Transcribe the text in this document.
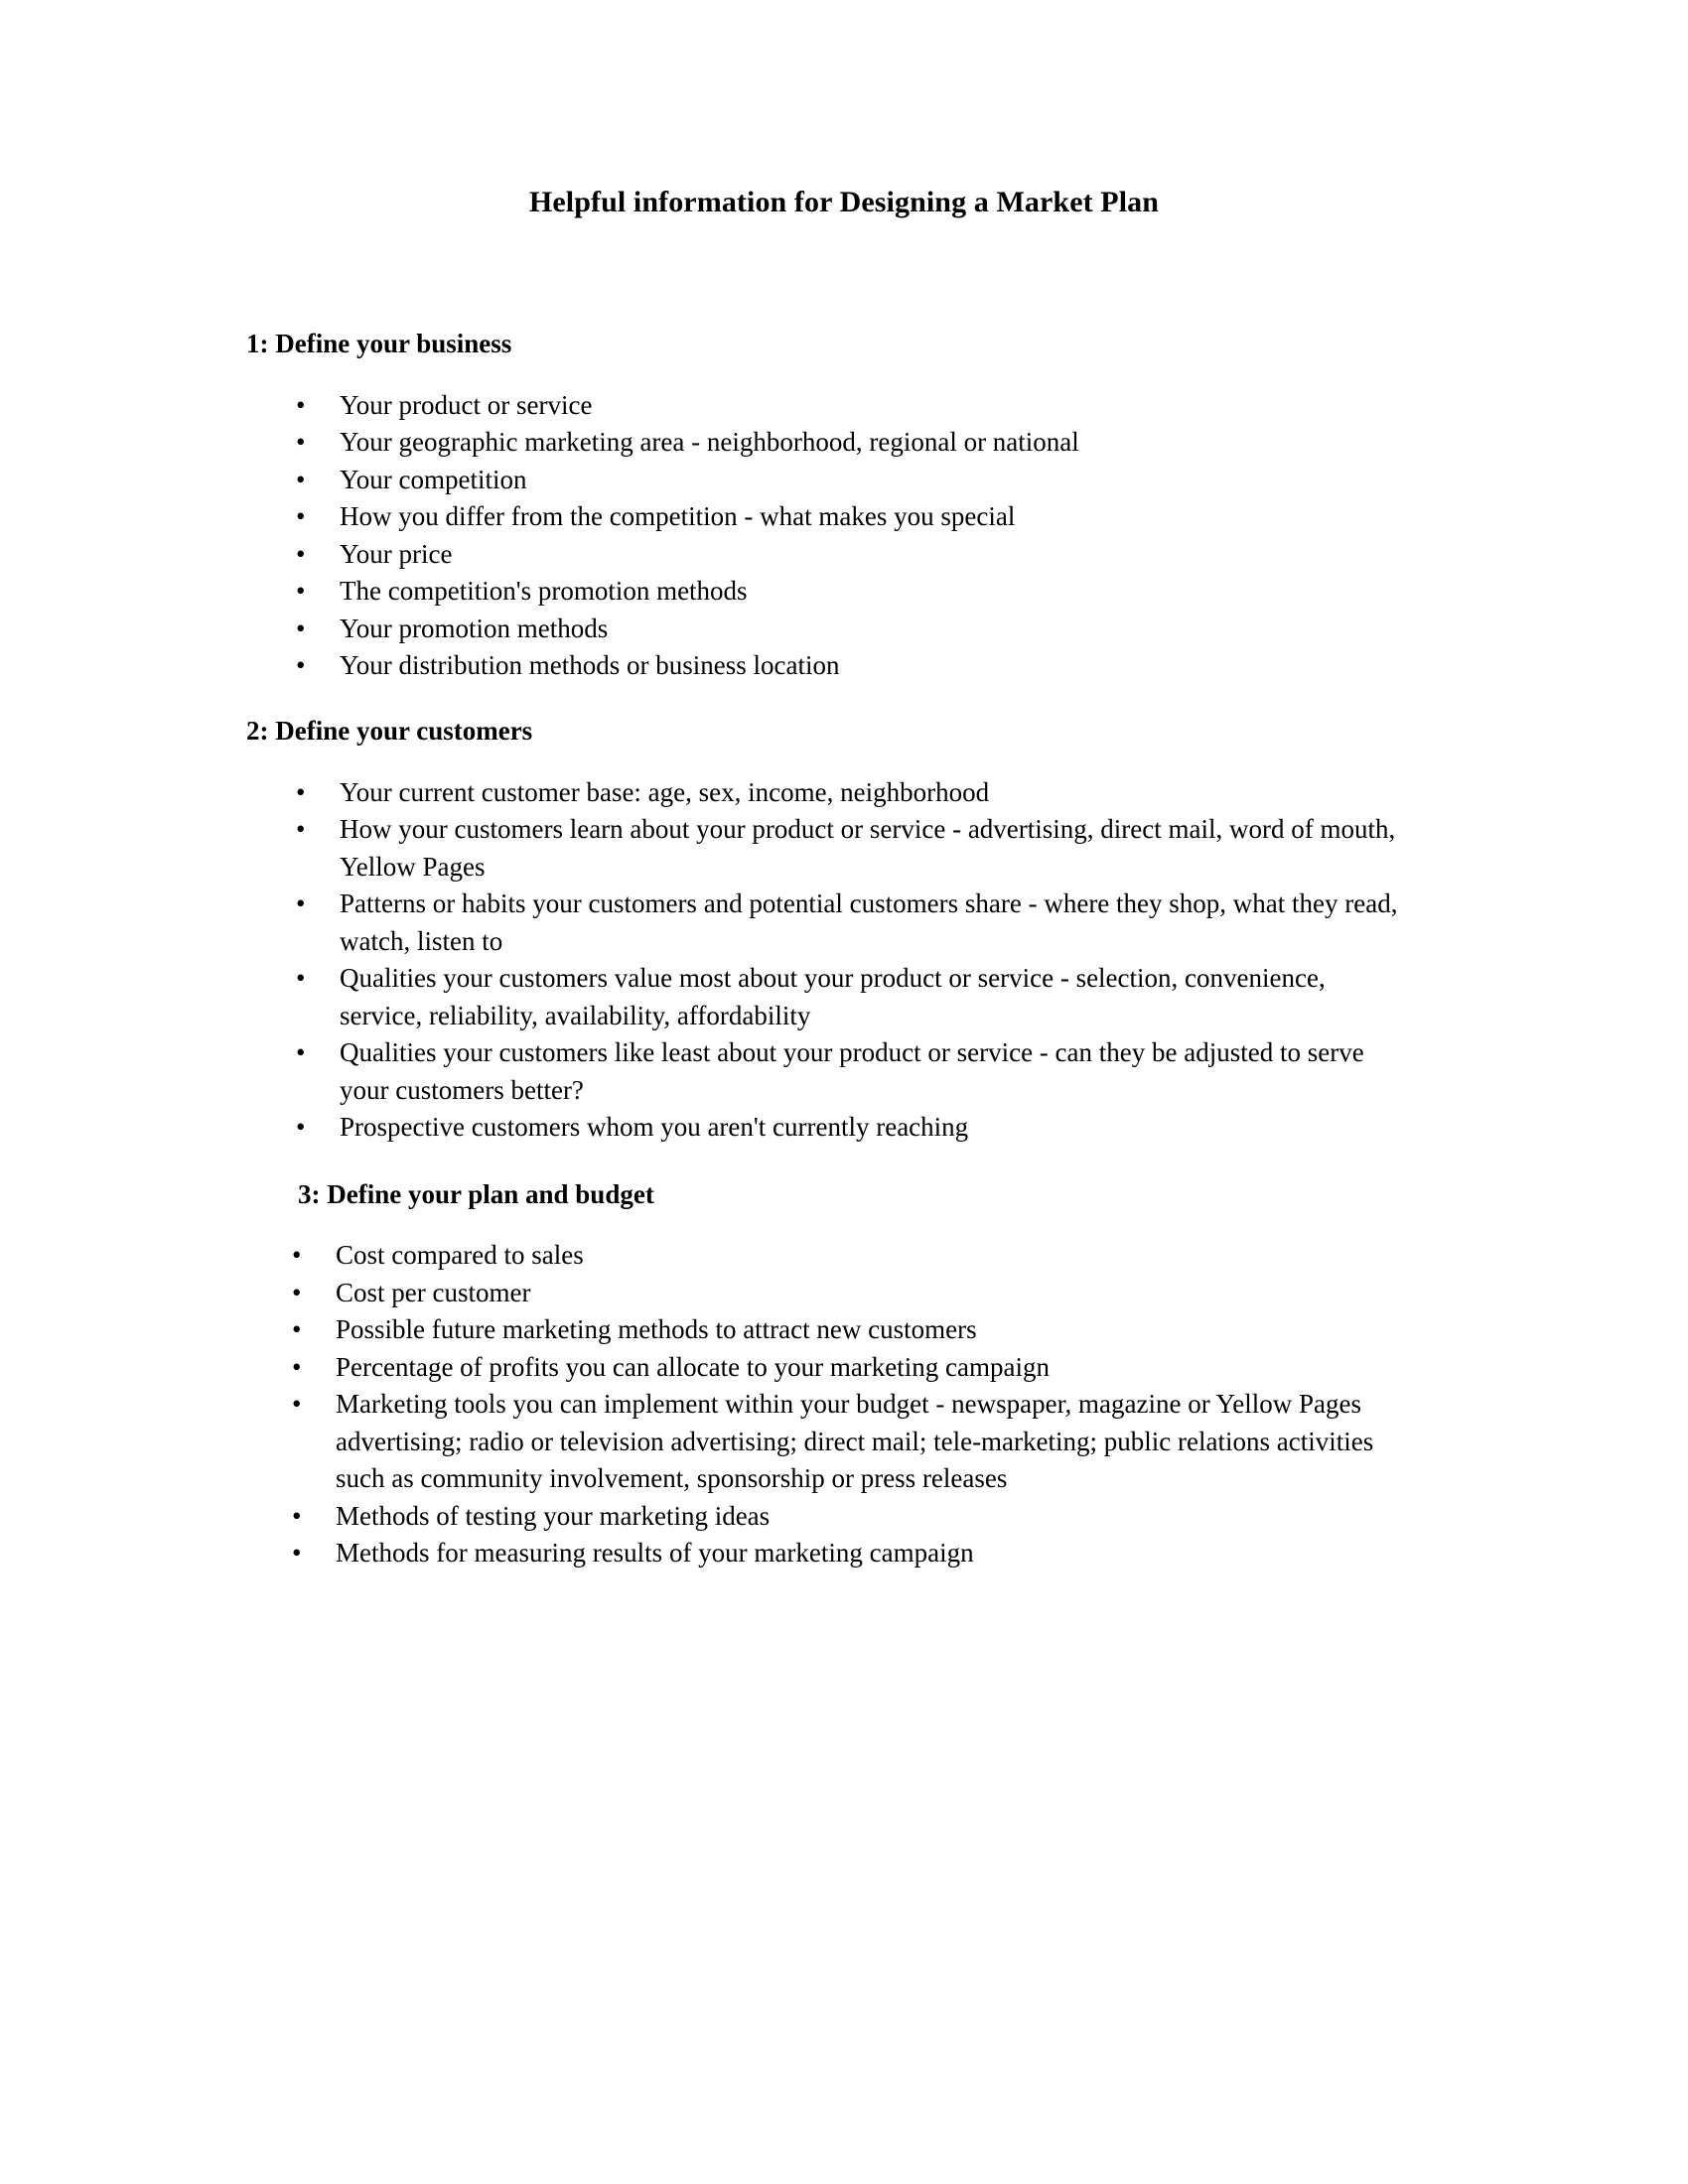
Helpful information for Designing a Market Plan
1: Define your business
•	Your product or service
•	Your geographic marketing area - neighborhood, regional or national
•	Your competition
•	How you differ from the competition - what makes you special
•	Your price
•	The competition's promotion methods
•	Your promotion methods
•	Your distribution methods or business location
2: Define your customers
•	Your current customer base: age, sex, income, neighborhood
•	How your customers learn about your product or service - advertising, direct mail, word of mouth, Yellow Pages
•	Patterns or habits your customers and potential customers share - where they shop, what they read, watch, listen to
•	Qualities your customers value most about your product or service - selection, convenience, service, reliability, availability, affordability
•	Qualities your customers like least about your product or service - can they be adjusted to serve your customers better?
•	Prospective customers whom you aren't currently reaching
3: Define your plan and budget
•	Cost compared to sales
•	Cost per customer
•	Possible future marketing methods to attract new customers
•	Percentage of profits you can allocate to your marketing campaign
•	Marketing tools you can implement within your budget - newspaper, magazine or Yellow Pages advertising; radio or television advertising; direct mail; tele-marketing; public relations activities such as community involvement, sponsorship or press releases
•	Methods of testing your marketing ideas
•	Methods for measuring results of your marketing campaign
